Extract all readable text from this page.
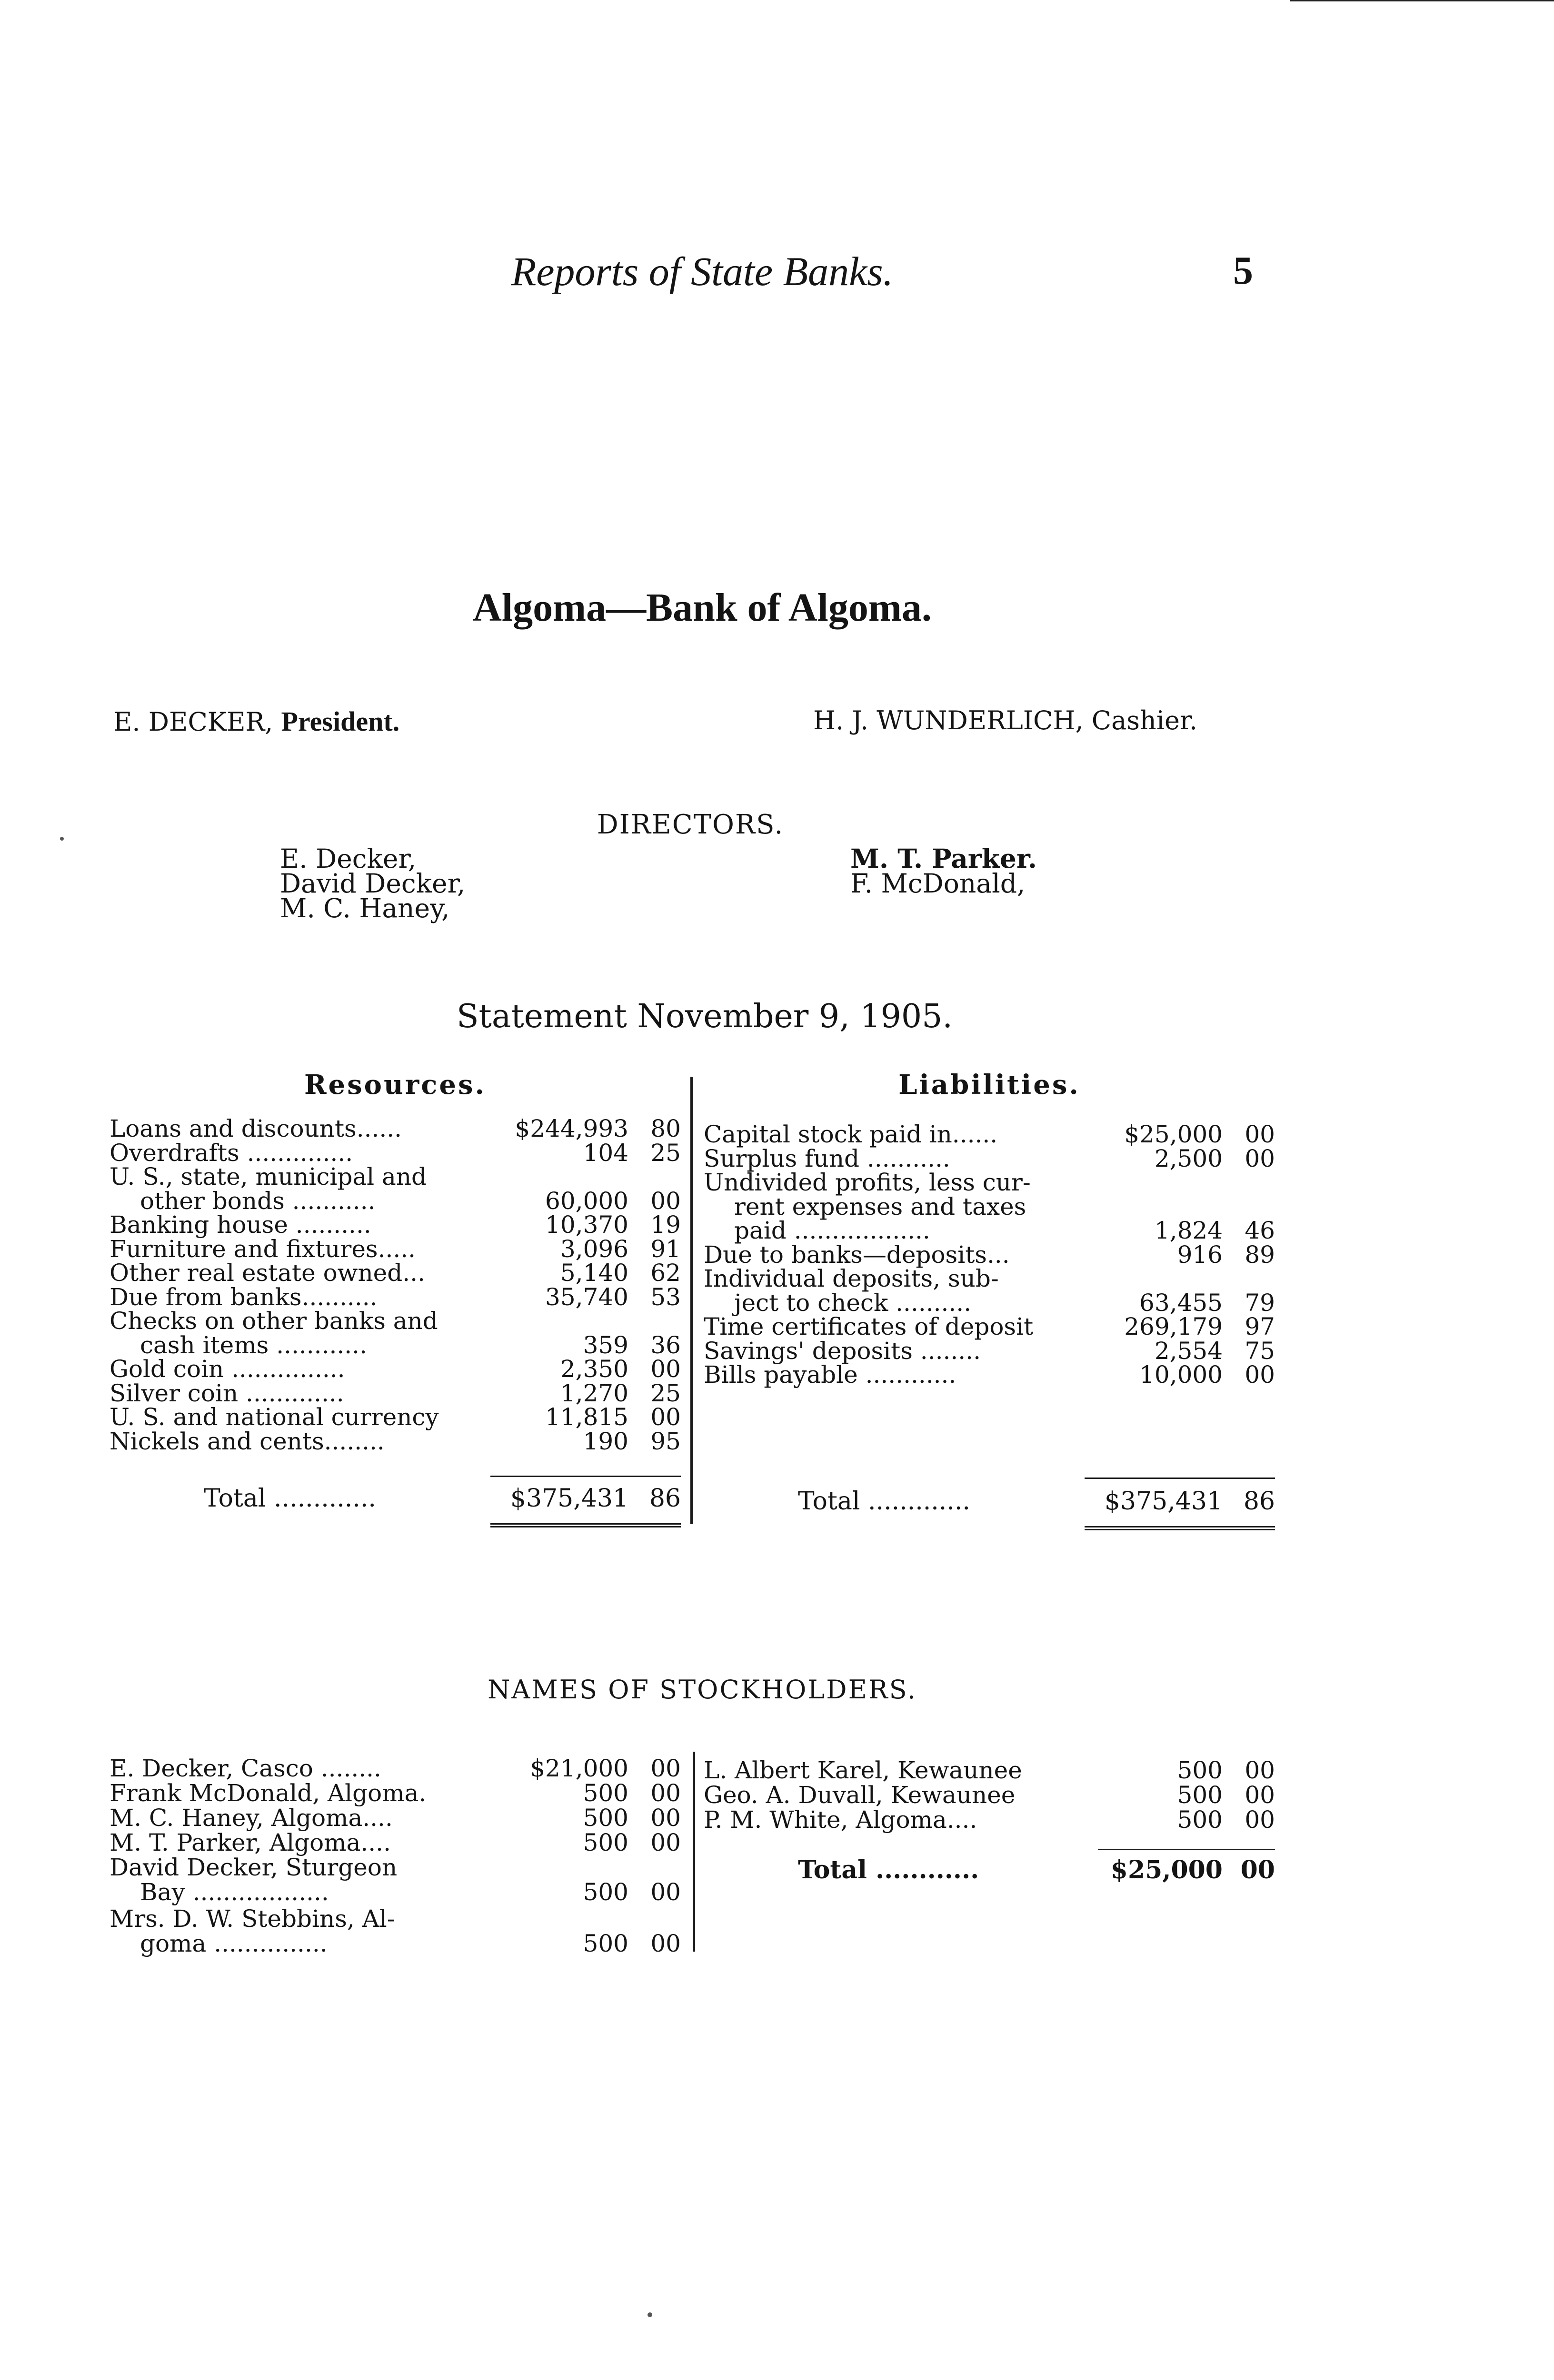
Reports of State Banks.	5
Algoma—Bank of Algoma.
E. DECKER, President.	H. J. WUNDERLICH, Cashier.
DIRECTORS.
E. Decker,
David Decker,
M. C. Haney,
M. T. Parker.
F. McDonald,
Statement November 9, 1905.
Resources.	Liabilities.
Loans and discounts......	$244,993 80
Overdrafts ..............	104 25
U. S., state, municipal and
other bonds ...........	60,000 00
Banking house ..........	10,370 19
Furniture and fixtures.....	3,096 91
Other real estate owned...	5,140 62
Due from banks..........	35,740 53
Checks on other banks and
cash items ............	359 36
Gold coin ...............	2,350 00
Silver coin .............	1,270 25
U. S. and national currency	11,815 00
Nickels and cents........	190 95
Capital stock paid in......	$25,000 00
Surplus fund ...........	2,500 00
Undivided profits, less cur-
rent expenses and taxes
paid ..................	1,824 46
Due to banks—deposits...	916 89
Individual deposits, sub-
ject to check ..........	63,455 79
Time certificates of deposit	269,179 97
Savings' deposits ........	2,554 75
Bills payable ............	10,000 00
Total .............	$375,431 86	Total .............	$375,431 86
NAMES OF STOCKHOLDERS.
E. Decker, Casco ........	$21,000 00
Frank McDonald, Algoma.	500 00
M. C. Haney, Algoma....	500 00
M. T. Parker, Algoma....	500 00
David Decker, Sturgeon
Bay ..................	500 00
Mrs. D. W. Stebbins, Al-
goma ...............	500 00
L. Albert Karel, Kewaunee	500 00
Geo. A. Duvall, Kewaunee	500 00
P. M. White, Algoma....	500 00
Total ............	$25,000 00
